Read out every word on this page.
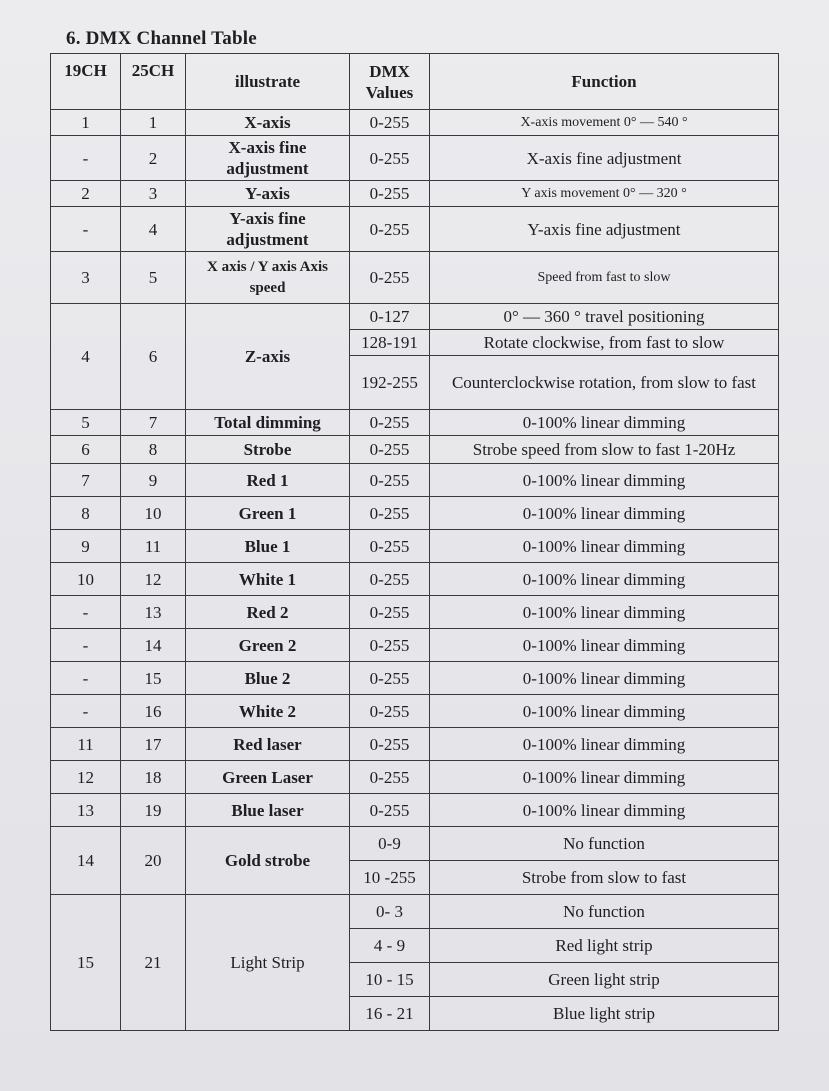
6. DMX Channel Table
19CH	25CH	illustrate	DMX Values	Function
1	1	X-axis	0-255	X-axis movement 0° — 540 °
-	2	X-axis fine adjustment	0-255	X-axis fine adjustment
2	3	Y-axis	0-255	Y axis movement 0° — 320 °
-	4	Y-axis fine adjustment	0-255	Y-axis fine adjustment
3	5	X axis / Y axis Axis speed	0-255	Speed from fast to slow
4	6	Z-axis	0-127	0° — 360 ° travel positioning
			128-191	Rotate clockwise, from fast to slow
			192-255	Counterclockwise rotation, from slow to fast
5	7	Total dimming	0-255	0-100% linear dimming
6	8	Strobe	0-255	Strobe speed from slow to fast 1-20Hz
7	9	Red 1	0-255	0-100% linear dimming
8	10	Green 1	0-255	0-100% linear dimming
9	11	Blue 1	0-255	0-100% linear dimming
10	12	White 1	0-255	0-100% linear dimming
-	13	Red 2	0-255	0-100% linear dimming
-	14	Green 2	0-255	0-100% linear dimming
-	15	Blue 2	0-255	0-100% linear dimming
-	16	White 2	0-255	0-100% linear dimming
11	17	Red laser	0-255	0-100% linear dimming
12	18	Green Laser	0-255	0-100% linear dimming
13	19	Blue laser	0-255	0-100% linear dimming
14	20	Gold strobe	0-9	No function
			10 -255	Strobe from slow to fast
15	21	Light Strip	0- 3	No function
			4 - 9	Red light strip
			10 - 15	Green light strip
			16 - 21	Blue light strip
